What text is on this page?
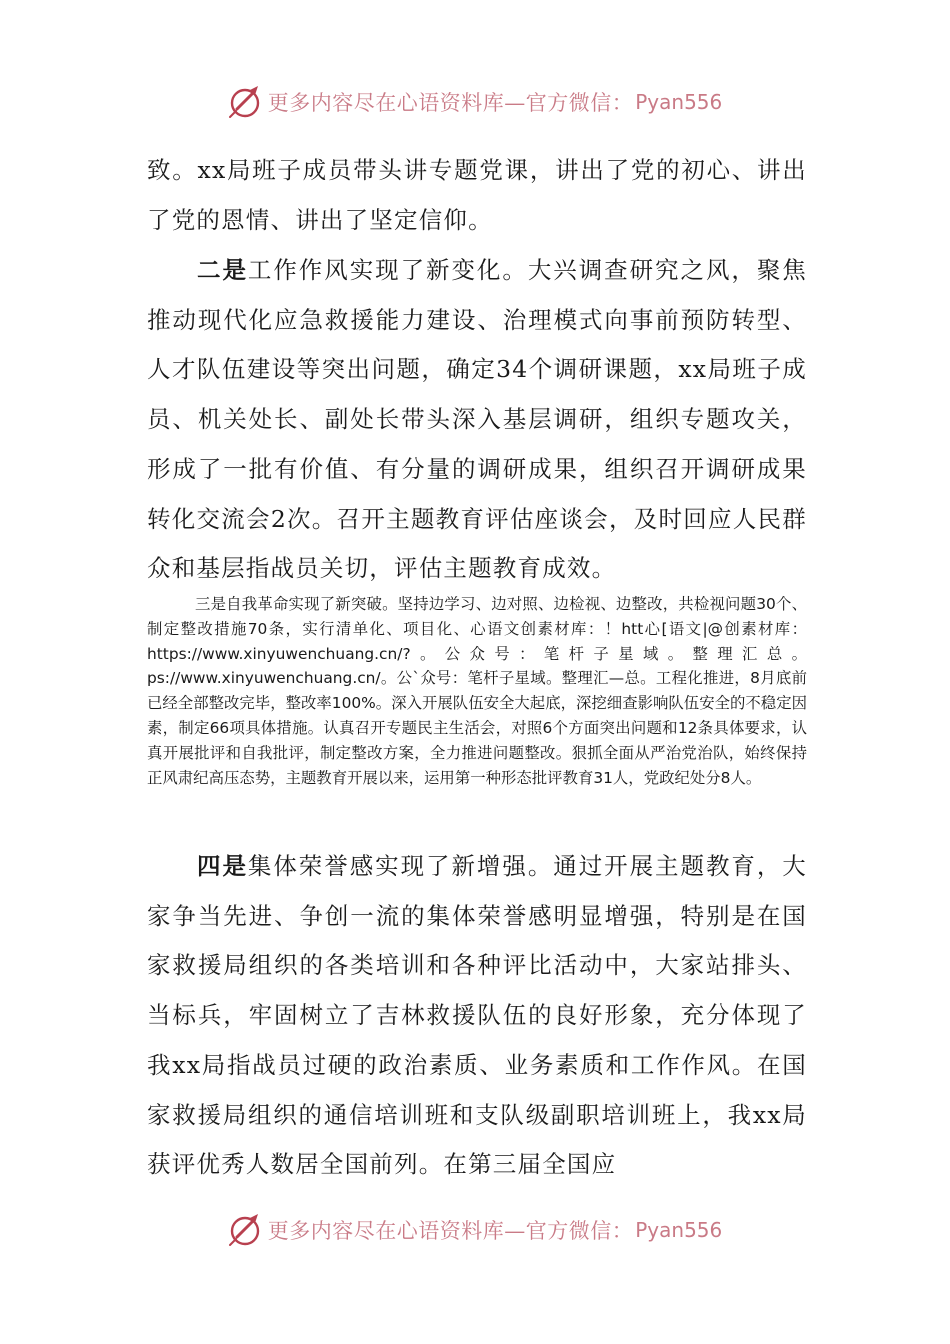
更多内容尽在心语资料库—官方微信： Pyan556

致。xx局班子成员带头讲专题党课，讲出了党的初心、讲出了党的恩情、讲出了坚定信仰。

二是工作作风实现了新变化。大兴调查研究之风，聚焦推动现代化应急救援能力建设、治理模式向事前预防转型、人才队伍建设等突出问题，确定34个调研课题，xx局班子成员、机关处长、副处长带头深入基层调研，组织专题攻关，形成了一批有价值、有分量的调研成果，组织召开调研成果转化交流会2次。召开主题教育评估座谈会，及时回应人民群众和基层指战员关切，评估主题教育成效。

三是自我革命实现了新突破。坚持边学习、边对照、边检视、边整改，共检视问题30个、制定整改措施70条，实行清单化、项目化、心语文创素材库：！htt心[语文|@创素材库：https://www.xinyuwenchuang.cn/?。公众号：笔杆子星域。整理汇总。ps://www.xinyuwenchuang.cn/。公`众号：笔杆子星域。整理汇—总。工程化推进，8月底前已经全部整改完毕，整改率100%。深入开展队伍安全大起底，深挖细查影响队伍安全的不稳定因素，制定66项具体措施。认真召开专题民主生活会，对照6个方面突出问题和12条具体要求，认真开展批评和自我批评，制定整改方案，全力推进问题整改。狠抓全面从严治党治队，始终保持正风肃纪高压态势，主题教育开展以来，运用第一种形态批评教育31人，党政纪处分8人。

四是集体荣誉感实现了新增强。通过开展主题教育，大家争当先进、争创一流的集体荣誉感明显增强，特别是在国家救援局组织的各类培训和各种评比活动中，大家站排头、当标兵，牢固树立了吉林救援队伍的良好形象，充分体现了我xx局指战员过硬的政治素质、业务素质和工作作风。在国家救援局组织的通信培训班和支队级副职培训班上，我xx局获评优秀人数居全国前列。在第三届全国应

更多内容尽在心语资料库—官方微信： Pyan556
